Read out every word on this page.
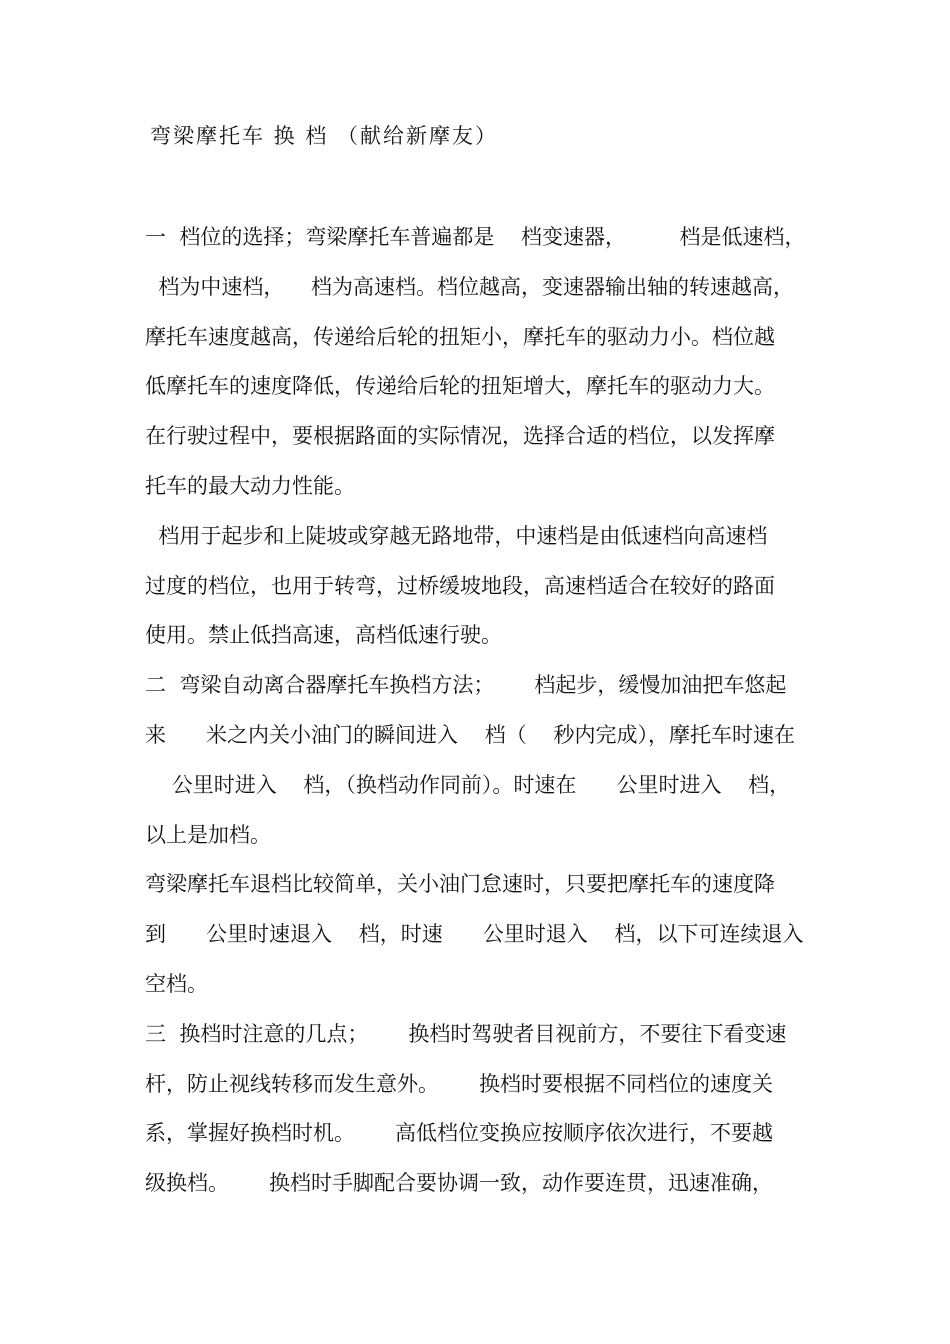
弯梁摩托车 换 档 （献给新摩友）
一  档位的选择；弯梁摩托车普遍都是    档变速器，        档是低速档，
档为中速档，    档为高速档。档位越高，变速器输出轴的转速越高，
摩托车速度越高，传递给后轮的扭矩小，摩托车的驱动力小。档位越
低摩托车的速度降低，传递给后轮的扭矩增大，摩托车的驱动力大。
在行驶过程中，要根据路面的实际情况，选择合适的档位，以发挥摩
托车的最大动力性能。
档用于起步和上陡坡或穿越无路地带，中速档是由低速档向高速档
过度的档位，也用于转弯，过桥缓坡地段，高速档适合在较好的路面
使用。禁止低挡高速，高档低速行驶。
二  弯梁自动离合器摩托车换档方法；      档起步，缓慢加油把车悠起
来      米之内关小油门的瞬间进入    档（    秒内完成），摩托车时速在
公里时进入    档，（换档动作同前）。时速在      公里时进入    档，
以上是加档。
弯梁摩托车退档比较简单，关小油门怠速时，只要把摩托车的速度降
到      公里时速退入    档，时速      公里时退入    档，以下可连续退入
空档。
三  换档时注意的几点；      换档时驾驶者目视前方，不要往下看变速
杆，防止视线转移而发生意外。      换档时要根据不同档位的速度关
系，掌握好换档时机。      高低档位变换应按顺序依次进行，不要越
级换档。      换档时手脚配合要协调一致，动作要连贯，迅速准确，
